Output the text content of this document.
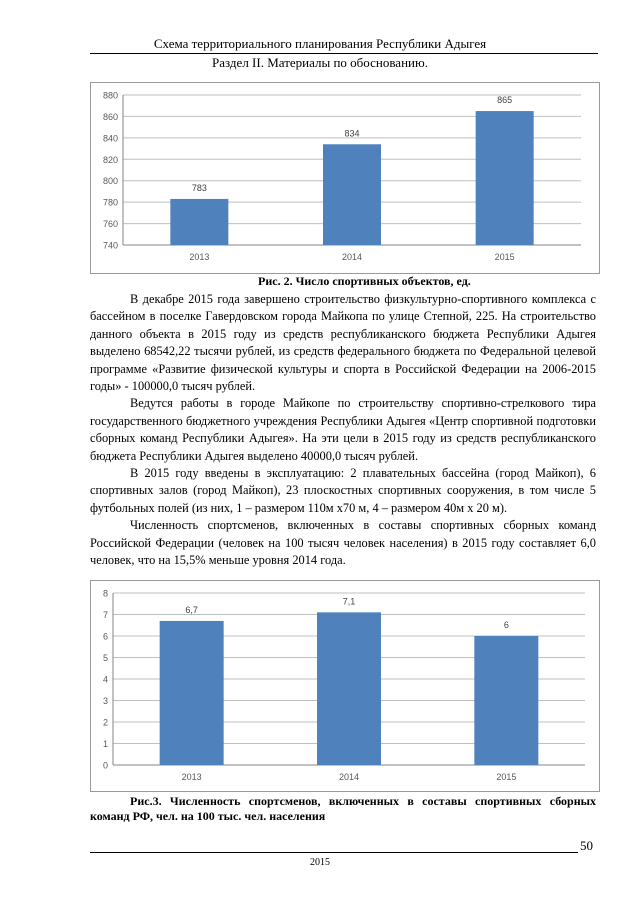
Схема территориального планирования Республики Адыгея
Раздел II. Материалы по обоснованию.
740
760
780
800
820
840
860
880
783
2013
834
2014
865
2015
Рис. 2. Число спортивных объектов, ед.

В декабре 2015 года завершено строительство физкультурно-спортивного комплекса с бассейном в поселке Гавердовском города Майкопа по улице Степной, 225. На строительство данного объекта в 2015 году из средств республиканского бюджета Республики Адыгея выделено 68542,22 тысячи рублей, из средств федерального бюджета по Федеральной целевой программе «Развитие физической культуры и спорта в Российской Федерации на 2006-2015 годы» - 100000,0 тысяч рублей.

Ведутся работы в городе Майкопе по строительству спортивно-стрелкового тира государственного бюджетного учреждения Республики Адыгея «Центр спортивной подготовки сборных команд Республики Адыгея». На эти цели в 2015 году из средств республиканского бюджета Республики Адыгея выделено 40000,0 тысяч рублей.

В 2015 году введены в эксплуатацию: 2 плавательных бассейна (город Майкоп), 6 спортивных залов (город Майкоп), 23 плоскостных спортивных сооружения, в том числе 5 футбольных полей (из них, 1 – размером 110м х70 м, 4 – размером 40м х 20 м).

Численность спортсменов, включенных в составы спортивных сборных команд Российской Федерации (человек на 100 тысяч человек населения) в 2015 году составляет 6,0 человек, что на 15,5% меньше уровня 2014 года.

0
1
2
3
4
5
6
7
8
6,7
2013
7,1
2014
6
2015
Рис.3. Численность спортсменов, включенных в составы спортивных сборных команд РФ, чел. на 100 тыс. чел. населения
50
2015
